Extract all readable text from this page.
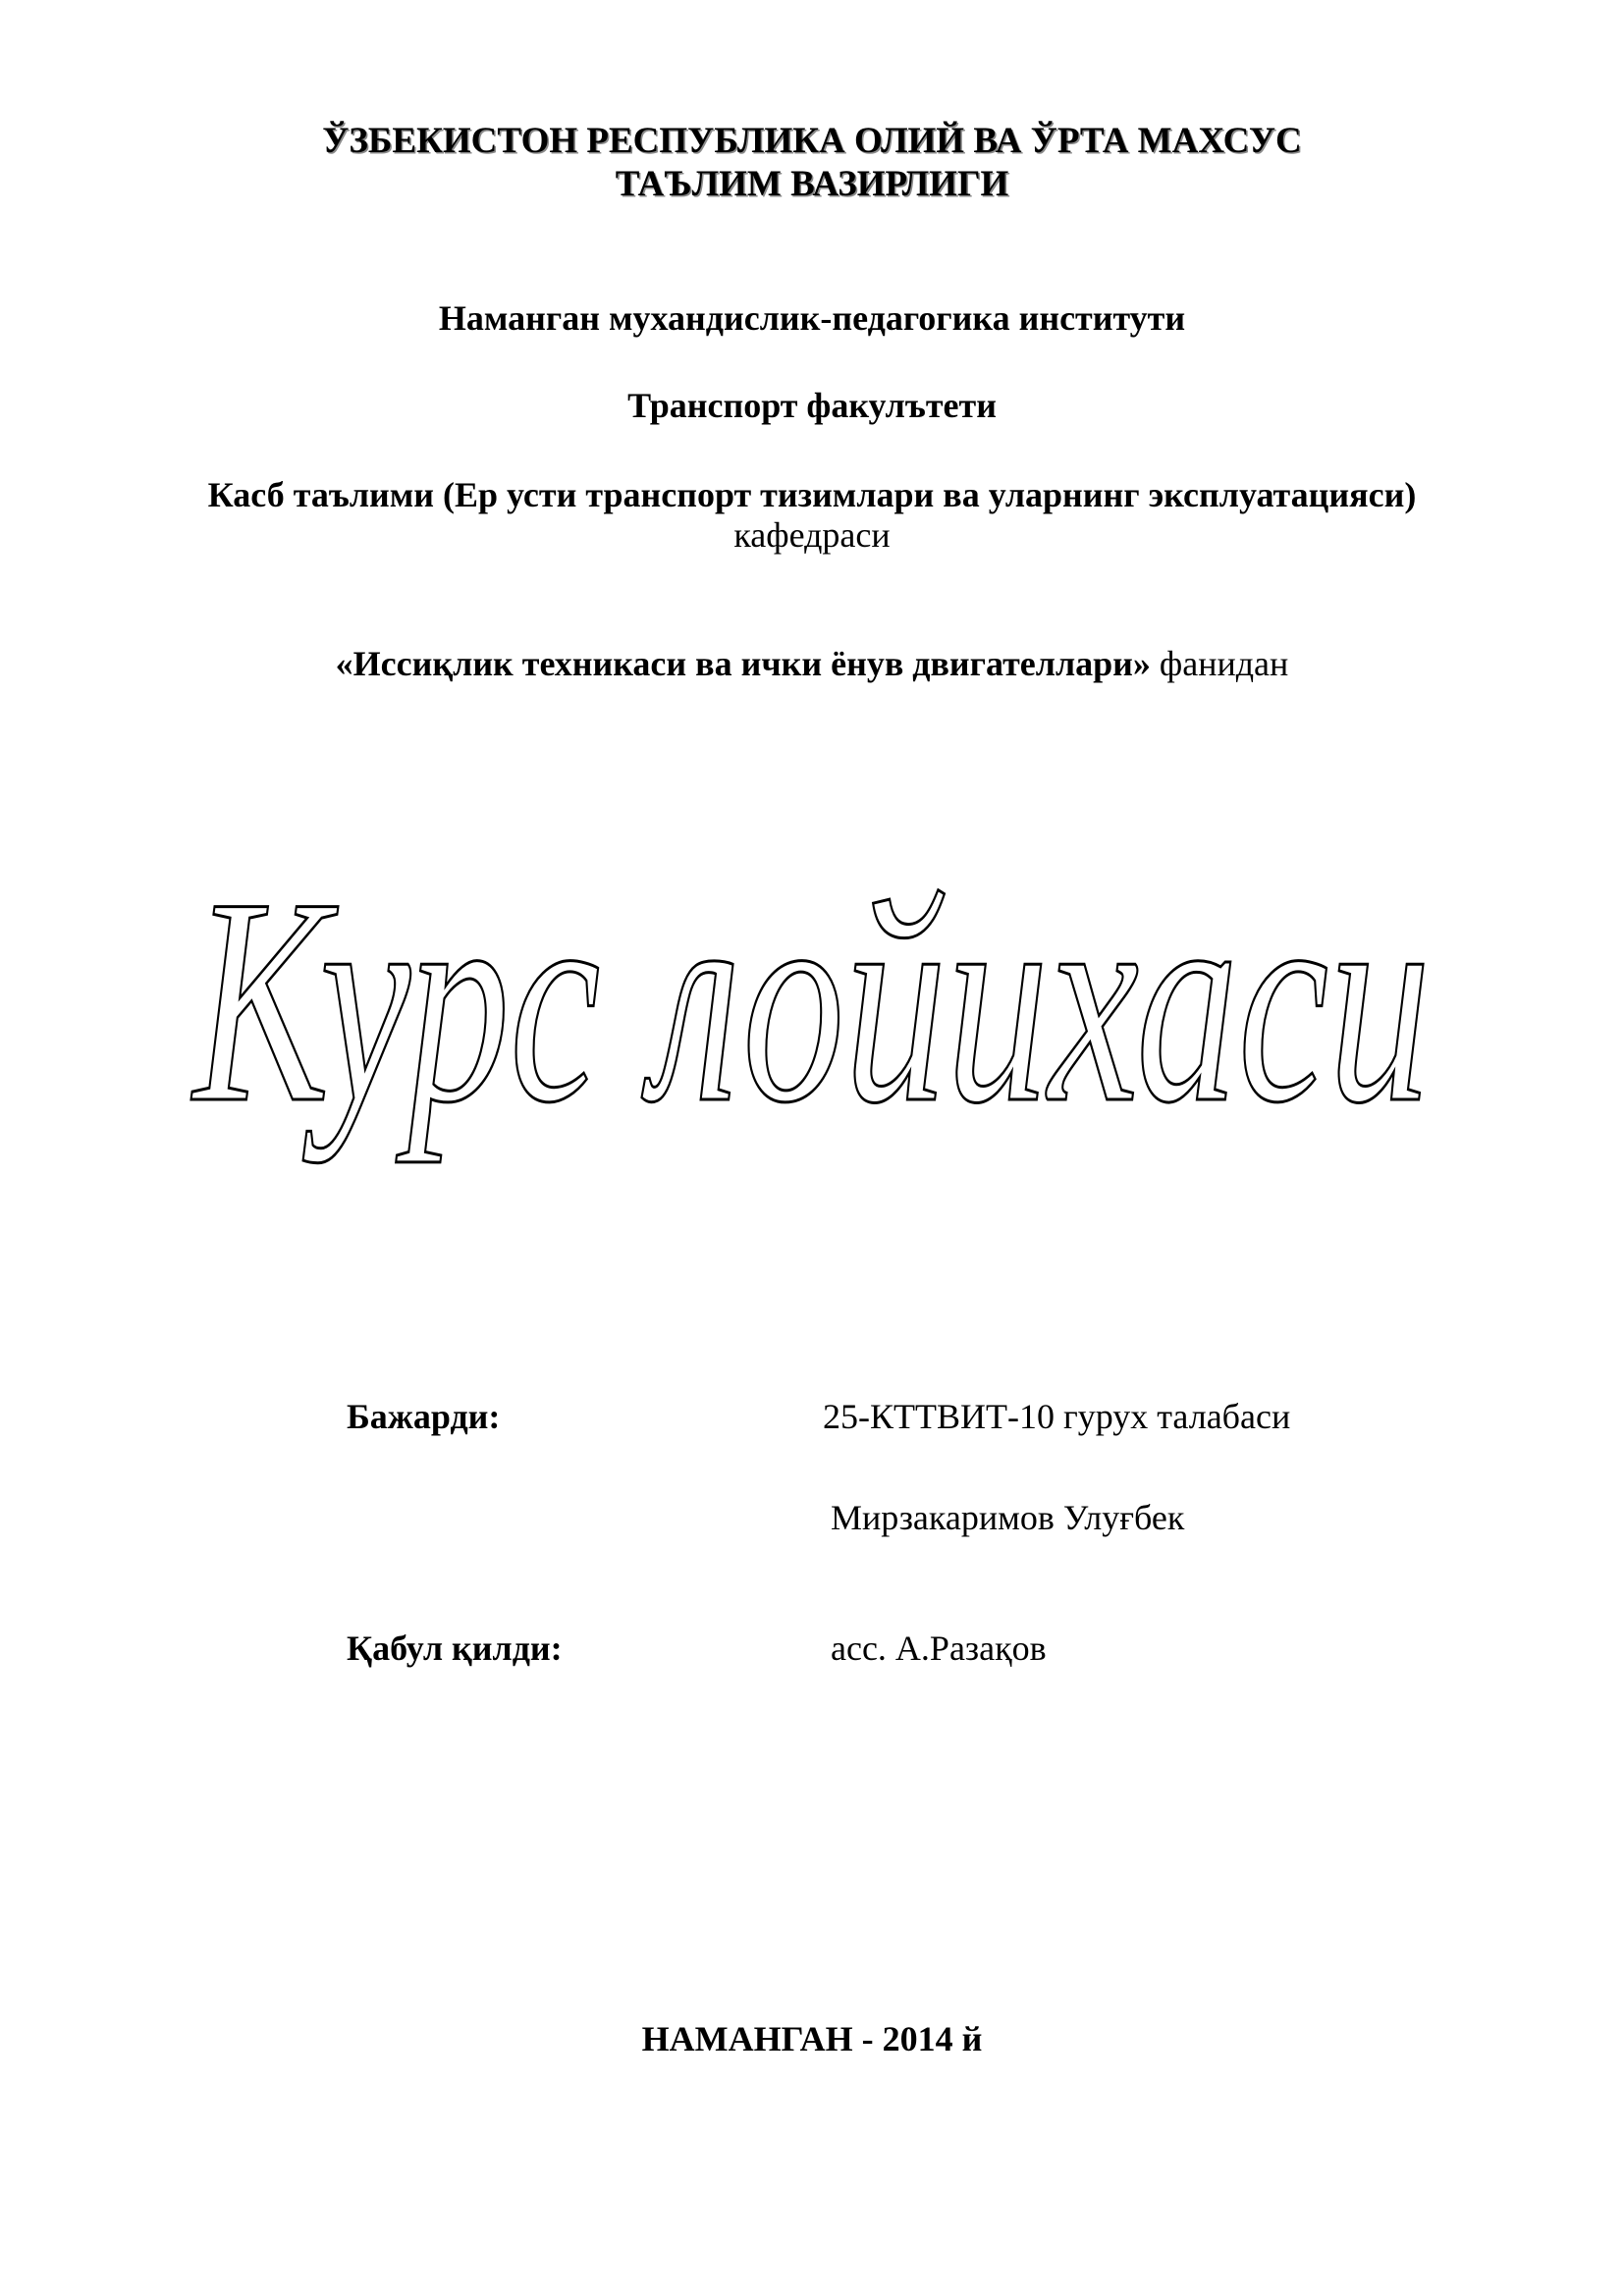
ЎЗБЕКИСТОН РЕСПУБЛИКА ОЛИЙ ВА ЎРТА МАХСУС
ТАЪЛИМ ВАЗИРЛИГИ
Наманган мухандислик-педагогика институти
Транспорт факулътети
Касб таълими (Ер усти транспорт тизимлари ва уларнинг эксплуатацияси)
кафедраси
«Иссиқлик техникаси ва ички ёнув двигателлари» фанидан
Курс лойихаси
Бажарди:	25-КТТВИТ-10 гурух талабаси
Мирзакаримов Улуғбек
Қабул қилди:	асс. А.Разақов
НАМАНГАН - 2014 й
